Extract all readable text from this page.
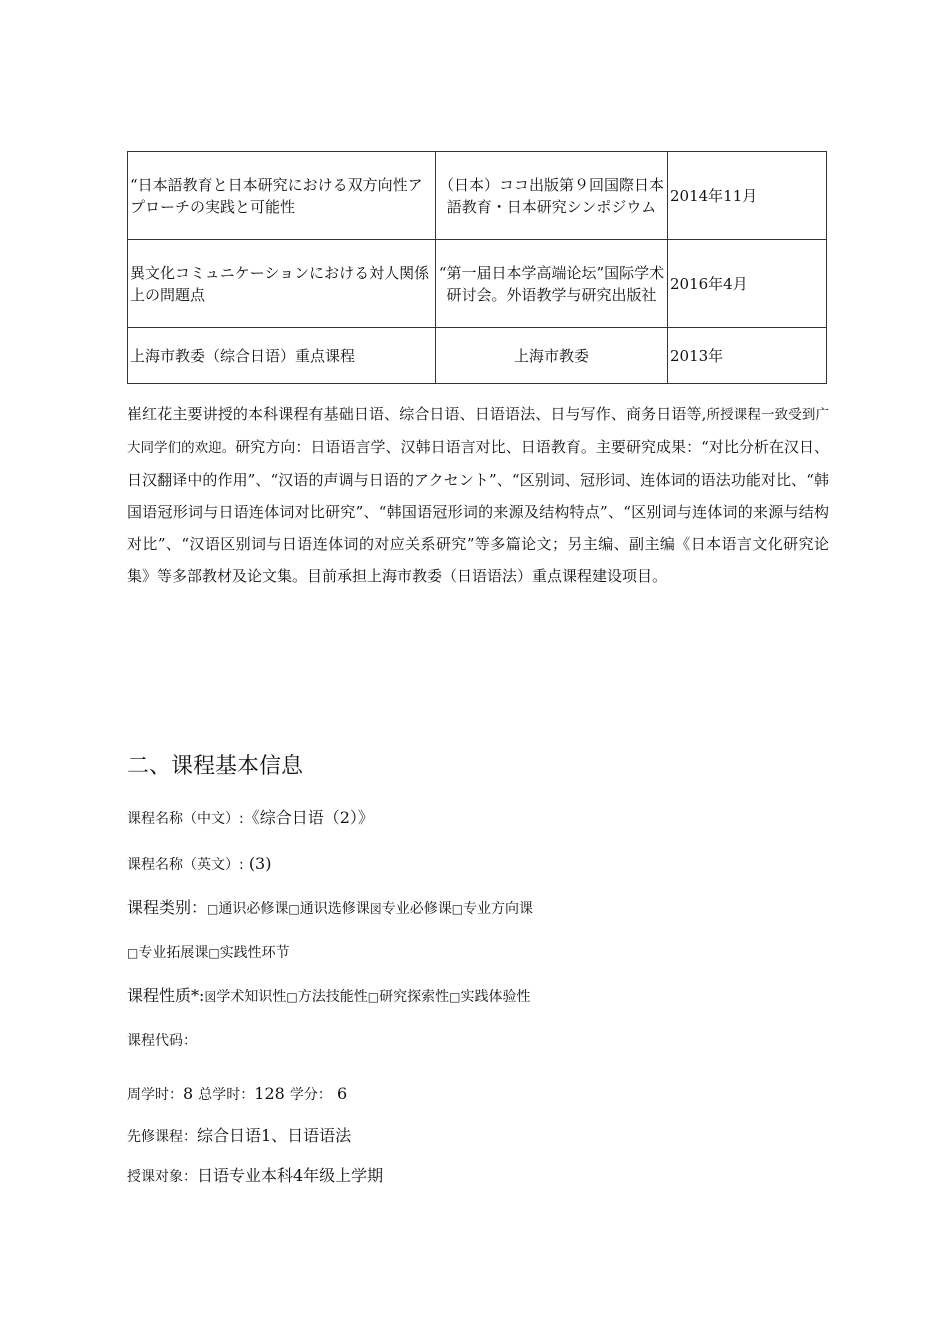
“日本語教育と日本研究における双方向性アプローチの実践と可能性	（日本）ココ出版第９回国際日本語教育・日本研究シンポジウム	2014年11月
異文化コミュニケーションにおける対人関係上の問題点	“第一届日本学高端论坛”国际学术研讨会。外语教学与研究出版社	2016年4月
上海市教委（综合日语）重点课程	上海市教委	2013年

崔红花主要讲授的本科课程有基础日语、综合日语、日语语法、日与写作、商务日语等,所授课程一致受到广大同学们的欢迎。研究方向：日语语言学、汉韩日语言对比、日语教育。主要研究成果：“对比分析在汉日、日汉翻译中的作用”、“汉语的声调与日语的アクセント”、“区别词、冠形词、连体词的语法功能对比、“韩国语冠形词与日语连体词对比研究”、“韩国语冠形词的来源及结构特点”、“区别词与连体词的来源与结构对比”、“汉语区别词与日语连体词的对应关系研究”等多篇论文；另主编、副主编《日本语言文化研究论集》等多部教材及论文集。目前承担上海市教委（日语语法）重点课程建设项目。

二、课程基本信息
课程名称（中文）:《综合日语（2）》
课程名称（英文）: (3)
课程类别：□通识必修课□通识选修课図专业必修课□专业方向课
□专业拓展课□实践性环节
课程性质*:図学术知识性□方法技能性□研究探索性□实践体验性
课程代码：
周学时：8 总学时：128 学分： 6
先修课程：综合日语1、日语语法
授课对象：日语专业本科4年级上学期
